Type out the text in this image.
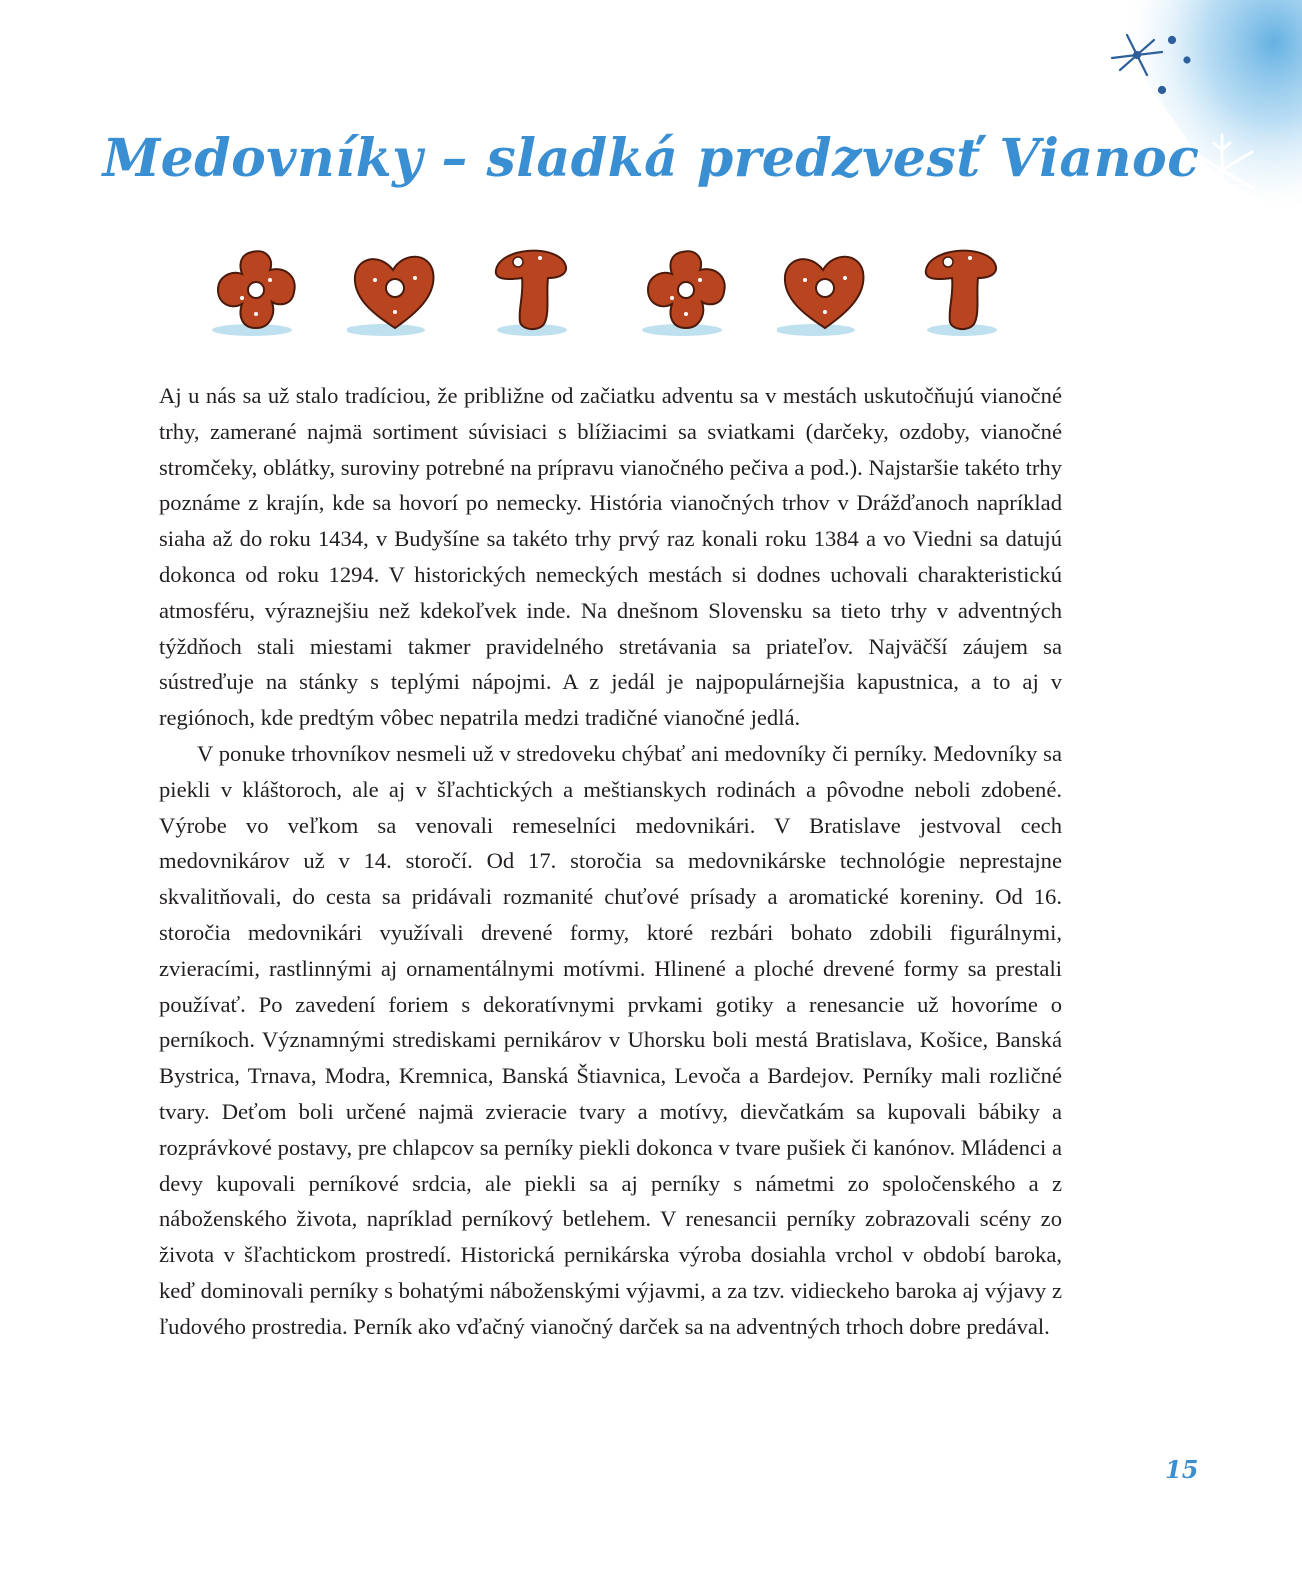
Medovníky – sladká predzvesť Vianoc

Aj u nás sa už stalo tradíciou, že približne od začiatku adventu sa v mestách uskutočňujú vianočné trhy, zamerané najmä sortiment súvisiaci s blížiacimi sa sviatkami (darčeky, ozdoby, vianočné stromčeky, oblátky, suroviny potrebné na prípravu vianočného pečiva a pod.). Najstaršie takéto trhy poznáme z krajín, kde sa hovorí po nemecky. História vianočných trhov v Drážďanoch napríklad siaha až do roku 1434, v Budyšíne sa takéto trhy prvý raz konali roku 1384 a vo Viedni sa datujú dokonca od roku 1294. V historických nemeckých mestách si dodnes uchovali charakteristickú atmosféru, výraznejšiu než kdekoľvek inde. Na dnešnom Slovensku sa tieto trhy v adventných týždňoch stali miestami takmer pravidelného stretávania sa priateľov. Najväčší záujem sa sústreďuje na stánky s teplými nápojmi. A z jedál je najpopulárnejšia kapustnica, a to aj v regiónoch, kde predtým vôbec nepatrila medzi tradičné vianočné jedlá.

V ponuke trhovníkov nesmeli už v stredoveku chýbať ani medovníky či perníky. Medovníky sa piekli v kláštoroch, ale aj v šľachtických a meštianskych rodinách a pôvodne neboli zdobené. Výrobe vo veľkom sa venovali remeselníci medovnikári. V Bratislave jestvoval cech medovnikárov už v 14. storočí. Od 17. storočia sa medovnikárske technológie neprestajne skvalitňovali, do cesta sa pridávali rozmanité chuťové prísady a aromatické koreniny. Od 16. storočia medovnikári využívali drevené formy, ktoré rezbári bohato zdobili figurálnymi, zvieracími, rastlinnými aj ornamentálnymi motívmi. Hlinené a ploché drevené formy sa prestali používať. Po zavedení foriem s dekoratívnymi prvkami gotiky a renesancie už hovoríme o perníkoch. Významnými strediskami pernikárov v Uhorsku boli mestá Bratislava, Košice, Banská Bystrica, Trnava, Modra, Kremnica, Banská Štiavnica, Levoča a Bardejov. Perníky mali rozličné tvary. Deťom boli určené najmä zvieracie tvary a motívy, dievčatkám sa kupovali bábiky a rozprávkové postavy, pre chlapcov sa perníky piekli dokonca v tvare pušiek či kanónov. Mládenci a devy kupovali perníkové srdcia, ale piekli sa aj perníky s námetmi zo spoločenského a z náboženského života, napríklad perníkový betlehem. V renesancii perníky zobrazovali scény zo života v šľachtickom prostredí. Historická pernikárska výroba dosiahla vrchol v období baroka, keď dominovali perníky s bohatými náboženskými výjavmi, a za tzv. vidieckeho baroka aj výjavy z ľudového prostredia. Perník ako vďačný vianočný darček sa na adventných trhoch dobre predával.

15
